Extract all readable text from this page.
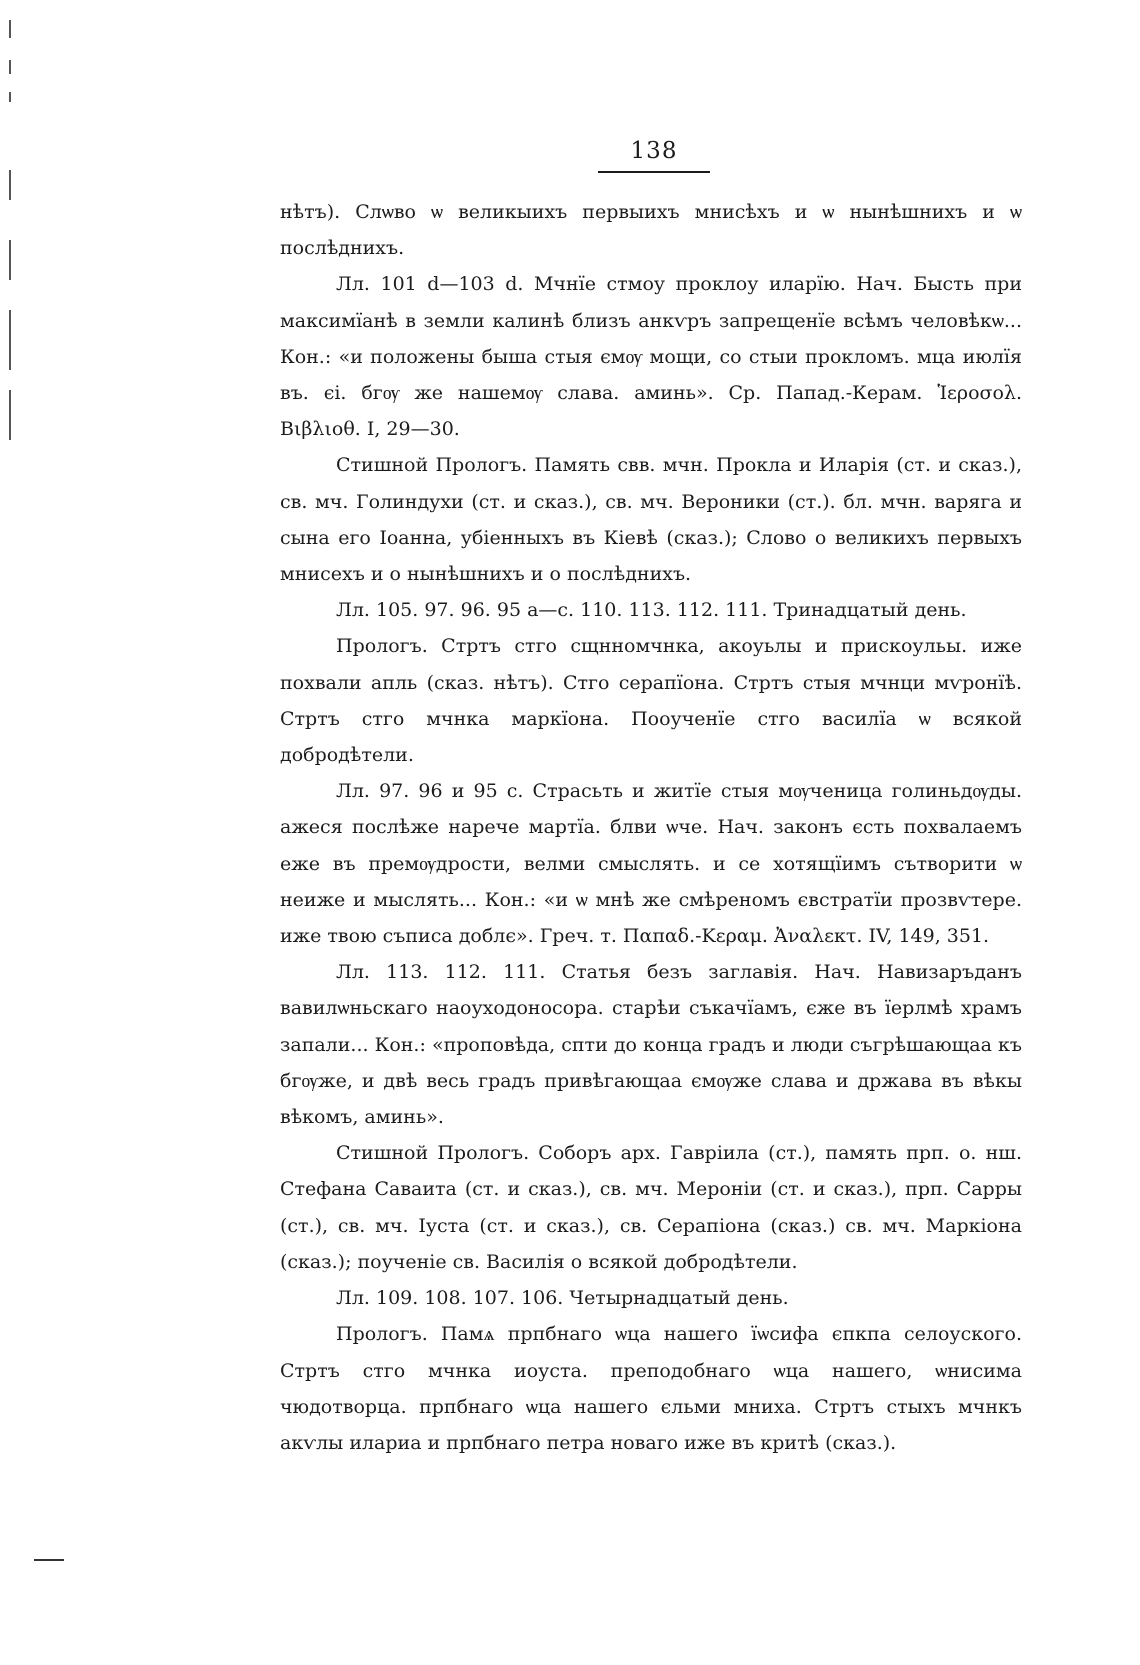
138

нѣтъ). Слѡво ѡ великыихъ первыихъ мнисѣхъ и ѡ нынѣшнихъ и ѡ послѣднихъ.

Лл. 101 d—103 d. Мчнїе стмоу проклоу иларїю. Нач. Бысть при максимїанѣ в земли калинѣ близъ анкѵръ запрещенїе всѣмъ человѣкѡ... Кон.: «и положены быша стыя ємѹ мощи, со стыи прокломъ. мца июлїя въ. єі. бгѹ же нашемѹ слава. аминь». Ср. Папад.-Керам. Ἱεροσολ. Βιβλιοθ. I, 29—30.

Стишной Прологъ. Память свв. мчн. Прокла и Иларія (ст. и сказ.), св. мч. Голиндухи (ст. и сказ.), св. мч. Вероники (ст.). бл. мчн. варяга и сына его Іоанна, убіенныхъ въ Кіевѣ (сказ.); Слово о великихъ первыхъ мнисехъ и о нынѣшнихъ и о послѣднихъ.

Лл. 105. 97. 96. 95 a—c. 110. 113. 112. 111. Тринадцатый день.

Прологъ. Стртъ стго сщнномчнка, акоуьлы и прискоульы. иже похвали апль (сказ. нѣтъ). Стго серапїона. Стртъ стыя мчнци мѵронїѣ. Стртъ стго мчнка маркїона. Пооученїе стго василїа ѡ всякой добродѣтели.

Лл. 97. 96 и 95 c. Страсьть и житїе стыя мѹченица голиньдѹды. ажеся послѣже нарече мартїа. блви ѡче. Нач. законъ єсть похвалаемъ еже въ премѹдрости, велми смыслять. и се хотящїимъ сътворити ѡ неиже и мыслять... Кон.: «и ѡ мнѣ же смѣреномъ євстратїи прозвѵтере. иже твою съписа доблє». Греч. т. Παπαδ.-Κεραμ. Ἀναλεκτ. IV, 149, 351.

Лл. 113. 112. 111. Статья безъ заглавія. Нач. Навизаръданъ вавилѡньскаго наоуходоносора. старѣи съкачїамъ, єже въ їерлмѣ храмъ запали... Кон.: «проповѣда, спти до конца градъ и люди съгрѣшающаа къ бгѹже, и двѣ весь градъ привѣгающаа ємѹже слава и држава въ вѣкы вѣкомъ, аминь».

Стишной Прологъ. Соборъ арх. Гавріила (ст.), память прп. о. нш. Стефана Саваита (ст. и сказ.), св. мч. Мероніи (ст. и сказ.), прп. Сарры (ст.), св. мч. Іуста (ст. и сказ.), св. Серапіона (сказ.) св. мч. Маркіона (сказ.); поученіе св. Василія о всякой добродѣтели.

Лл. 109. 108. 107. 106. Четырнадцатый день.

Прологъ. Памѧ прпбнаго ѡца нашего їѡсифа єпкпа селоуского. Стртъ стго мчнка иоуста. преподобнаго ѡца нашего, ѡнисима чюдотворца. прпбнаго ѡца нашего єльми мниха. Стртъ стыхъ мчнкъ акѵлы илариа и прпбнаго петра новаго иже въ критѣ (сказ.).
